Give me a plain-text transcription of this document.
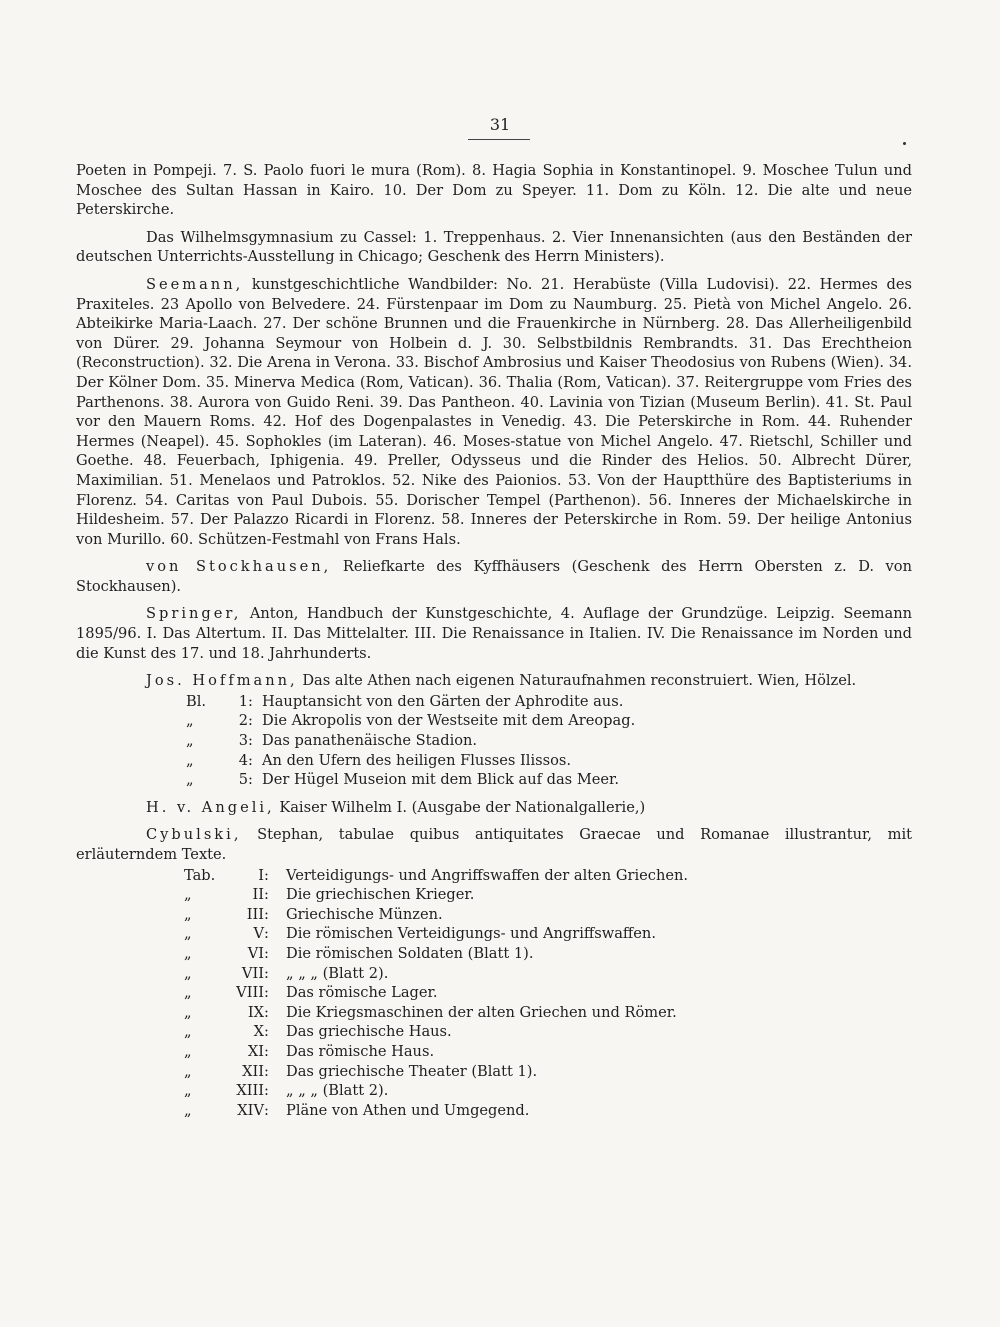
31

Poeten in Pompeji. 7. S. Paolo fuori le mura (Rom). 8. Hagia Sophia in Konstantinopel. 9. Moschee Tulun und Moschee des Sultan Hassan in Kairo. 10. Der Dom zu Speyer. 11. Dom zu Köln. 12. Die alte und neue Peterskirche.

Das Wilhelmsgymnasium zu Cassel: 1. Treppenhaus. 2. Vier Innenansichten (aus den Beständen der deutschen Unterrichts-Ausstellung in Chicago; Geschenk des Herrn Ministers).

Seemann, kunstgeschichtliche Wandbilder: No. 21. Herabüste (Villa Ludovisi). 22. Hermes des Praxiteles. 23 Apollo von Belvedere. 24. Fürstenpaar im Dom zu Naumburg. 25. Pietà von Michel Angelo. 26. Abteikirke Maria-Laach. 27. Der schöne Brunnen und die Frauenkirche in Nürnberg. 28. Das Allerheiligenbild von Dürer. 29. Johanna Seymour von Holbein d. J. 30. Selbstbildnis Rembrandts. 31. Das Erechtheion (Reconstruction). 32. Die Arena in Verona. 33. Bischof Ambrosius und Kaiser Theodosius von Rubens (Wien). 34. Der Kölner Dom. 35. Minerva Medica (Rom, Vatican). 36. Thalia (Rom, Vatican). 37. Reitergruppe vom Fries des Parthenons. 38. Aurora von Guido Reni. 39. Das Pantheon. 40. Lavinia von Tizian (Museum Berlin). 41. St. Paul vor den Mauern Roms. 42. Hof des Dogenpalastes in Venedig. 43. Die Peterskirche in Rom. 44. Ruhender Hermes (Neapel). 45. Sophokles (im Lateran). 46. Moses-statue von Michel Angelo. 47. Rietschl, Schiller und Goethe. 48. Feuerbach, Iphigenia. 49. Preller, Odysseus und die Rinder des Helios. 50. Albrecht Dürer, Maximilian. 51. Menelaos und Patroklos. 52. Nike des Paionios. 53. Von der Hauptthüre des Baptisteriums in Florenz. 54. Caritas von Paul Dubois. 55. Dorischer Tempel (Parthenon). 56. Inneres der Michaelskirche in Hildesheim. 57. Der Palazzo Ricardi in Florenz. 58. Inneres der Peterskirche in Rom. 59. Der heilige Antonius von Murillo. 60. Schützen-Festmahl von Frans Hals.

von Stockhausen, Reliefkarte des Kyffhäusers (Geschenk des Herrn Obersten z. D. von Stockhausen).

Springer, Anton, Handbuch der Kunstgeschichte, 4. Auflage der Grundzüge. Leipzig. Seemann 1895/96. I. Das Altertum. II. Das Mittelalter. III. Die Renaissance in Italien. IV. Die Renaissance im Norden und die Kunst des 17. und 18. Jahrhunderts.

Jos. Hoffmann, Das alte Athen nach eigenen Naturaufnahmen reconstruiert. Wien, Hölzel.

Bl.	1 : Hauptansicht von den Gärten der Aphrodite aus.
„	2 : Die Akropolis von der Westseite mit dem Areopag.
„	3 : Das panathenäische Stadion.
„	4 : An den Ufern des heiligen Flusses Ilissos.
„	5 : Der Hügel Museion mit dem Blick auf das Meer.

H. v. Angeli, Kaiser Wilhelm I. (Ausgabe der Nationalgallerie,)

Cybulski, Stephan, tabulae quibus antiquitates Graecae und Romanae illustrantur, mit erläuterndem Texte.

Tab.	I :	Verteidigungs- und Angriffswaffen der alten Griechen.
„	II :	Die griechischen Krieger.
„	III :	Griechische Münzen.
„	V :	Die römischen Verteidigungs- und Angriffswaffen.
„	VI :	Die römischen Soldaten (Blatt 1).
„	VII :	„ „ „ (Blatt 2).
„	VIII :	Das römische Lager.
„	IX :	Die Kriegsmaschinen der alten Griechen und Römer.
„	X :	Das griechische Haus.
„	XI :	Das römische Haus.
„	XII :	Das griechische Theater (Blatt 1).
„	XIII :	„ „ „ (Blatt 2).
„	XIV :	Pläne von Athen und Umgegend.
